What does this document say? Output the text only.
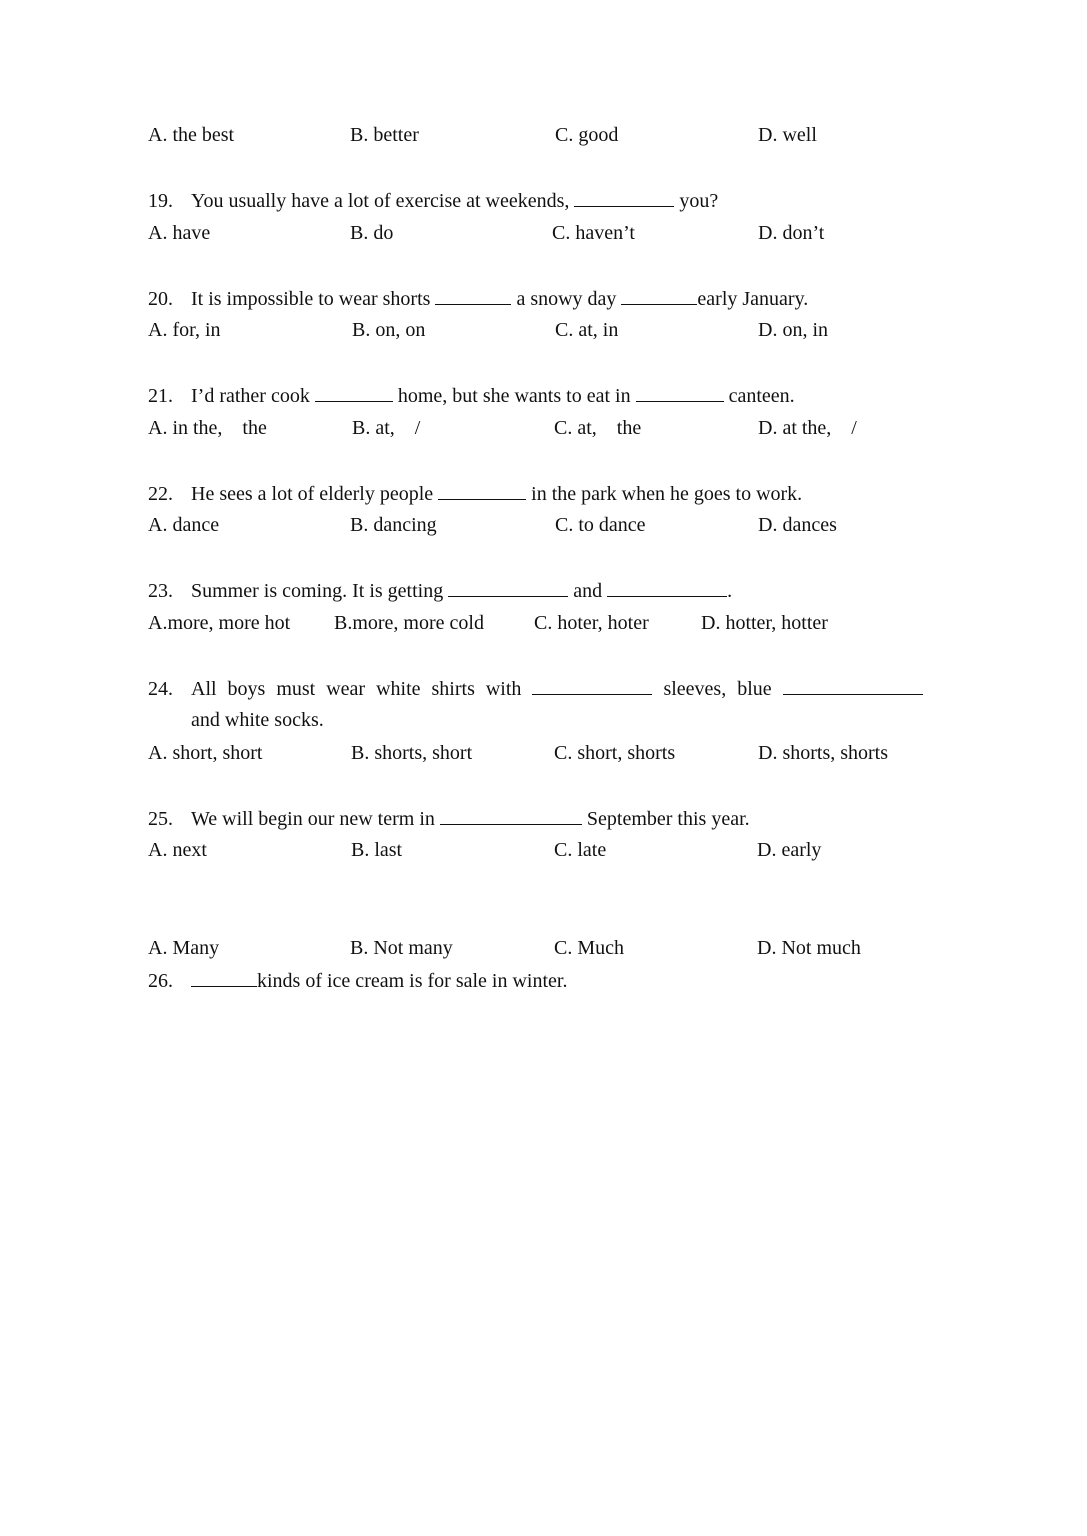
A. the best	B. better	C. good	D. well
19. You usually have a lot of exercise at weekends,	you?
A. have	B. do	C. haven’t	D. don’t
20. It is impossible to wear shorts	a snowy day	early January.
A. for, in	B. on, on	C. at, in	D. on, in
21. I’d rather cook	home, but she wants to eat in	canteen.
A. in the,    the	B. at,    /	C. at,    the	D. at the,    /
22. He sees a lot of elderly people	in the park when he goes to work.
A. dance	B. dancing	C. to dance	D. dances
23. Summer is coming. It is getting	and	.
A.more, more hot B.more, more cold	C. hoter, hoter	D. hotter, hotter
24. All boys must wear white shirts with	sleeves, blue
and white socks.
A. short, short	B. shorts, short	C. short, shorts	D. shorts, shorts
25. We will begin our new term in	September this year.
A. next	B. last	C. late	D. early
A. Many	B. Not many	C. Much	D. Not much
26.	kinds of ice cream is for sale in winter.
